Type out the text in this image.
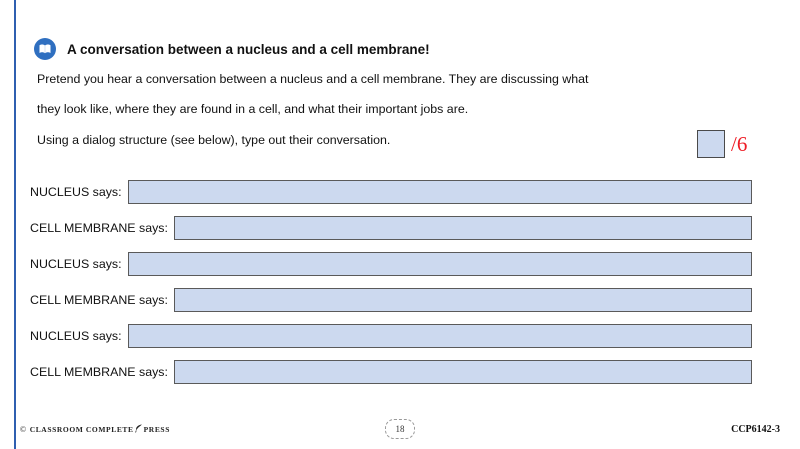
A conversation between a nucleus and a cell membrane!

Pretend you hear a conversation between a nucleus and a cell membrane. They are discussing what

they look like, where they are found in a cell, and what their important jobs are.

Using a dialog structure (see below), type out their conversation.	/6
NUCLEUS says:
CELL MEMBRANE says:
NUCLEUS says:
CELL MEMBRANE says:
NUCLEUS says:
CELL MEMBRANE says:
© CLASSROOM COMPLETE PRESS	18	CCP6142-3
